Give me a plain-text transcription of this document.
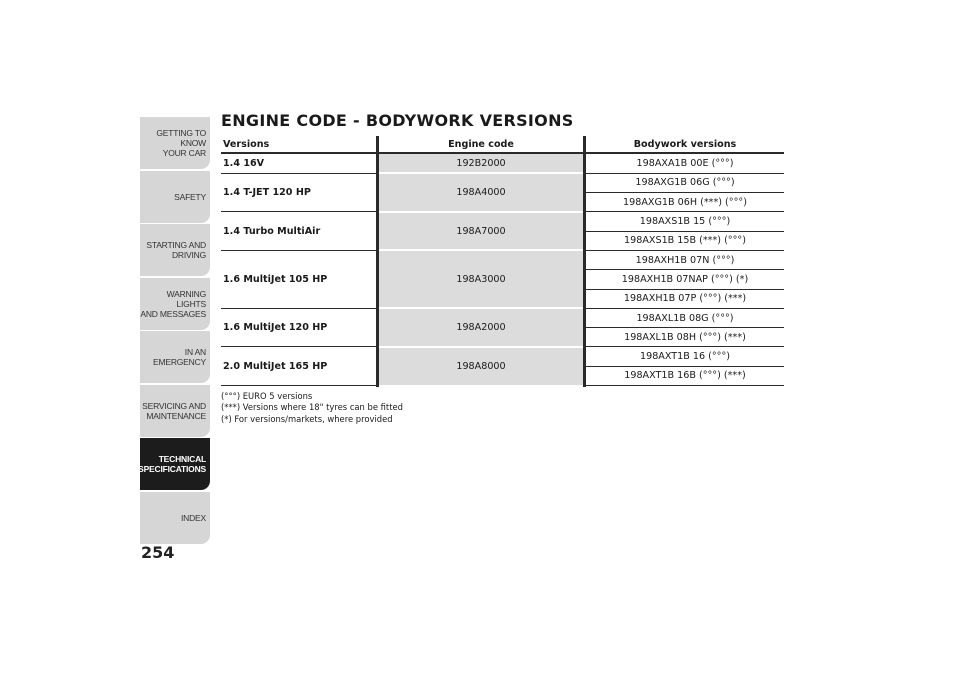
GETTING TO KNOW
YOUR CAR
SAFETY
STARTING AND
DRIVING
WARNING LIGHTS
AND MESSAGES
IN AN EMERGENCY
SERVICING AND
MAINTENANCE
TECHNICAL
SPECIFICATIONS
INDEX
254
ENGINE CODE - BODYWORK VERSIONS
Versions	Engine code	Bodywork versions
1.4 16V	192B2000	198AXA1B 00E (°°°)
1.4 T-JET 120 HP	198A4000	198AXG1B 06G (°°°)
		198AXG1B 06H (***) (°°°)
1.4 Turbo MultiAir	198A7000	198AXS1B 15 (°°°)
		198AXS1B 15B (***) (°°°)
1.6 MultiJet 105 HP	198A3000	198AXH1B 07N (°°°)
		198AXH1B 07NAP (°°°) (*)
		198AXH1B 07P (°°°) (***)
1.6 MultiJet 120 HP	198A2000	198AXL1B 08G (°°°)
		198AXL1B 08H (°°°) (***)
2.0 MultiJet 165 HP	198A8000	198AXT1B 16 (°°°)
		198AXT1B 16B (°°°) (***)
(°°°) EURO 5 versions
(***) Versions where 18" tyres can be fitted
(*) For versions/markets, where provided
